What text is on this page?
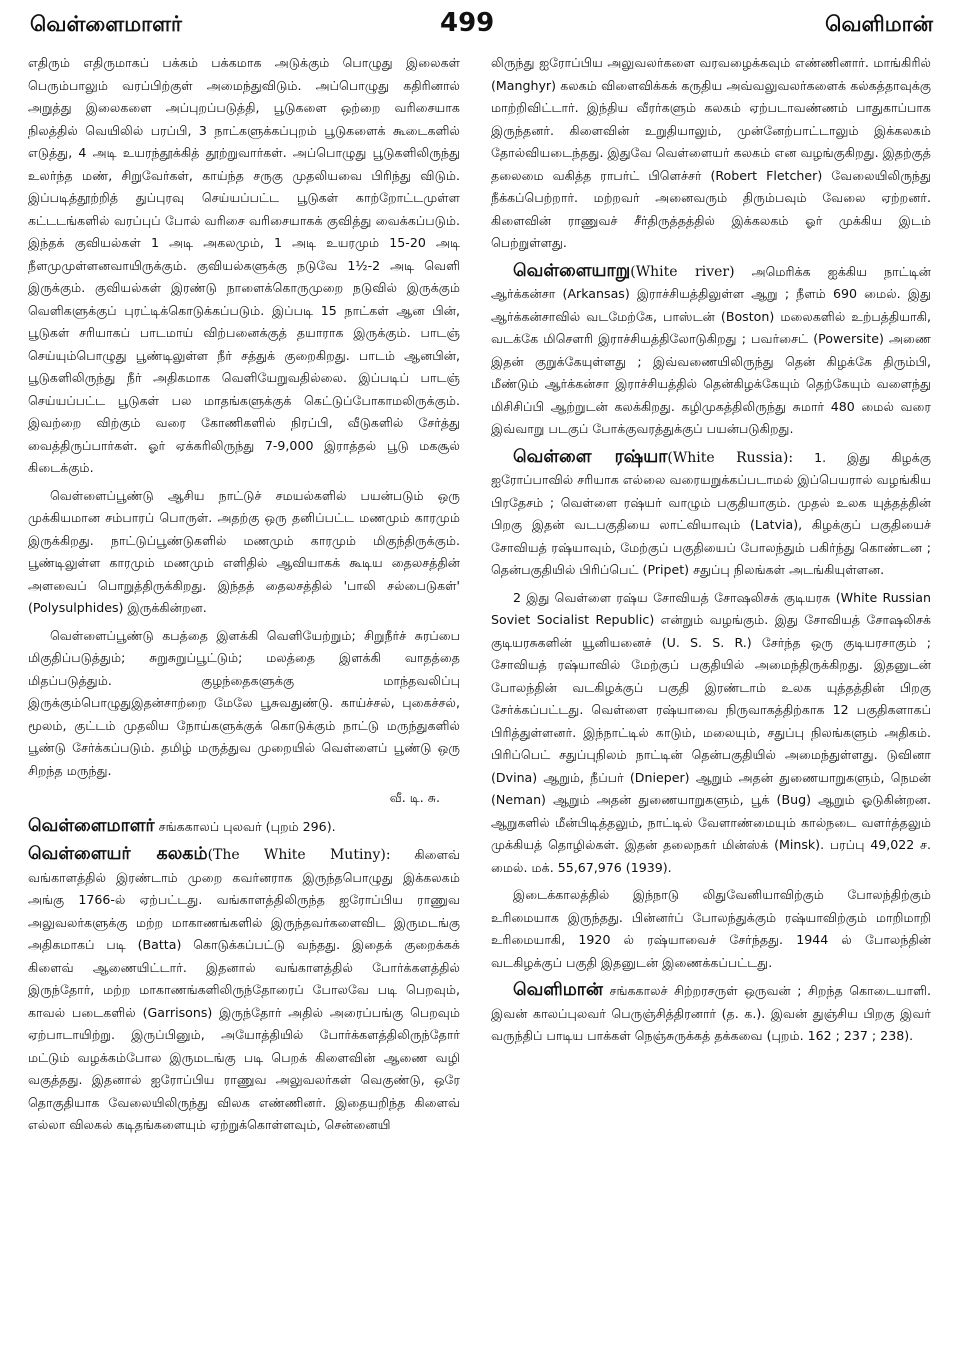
வெள்ளைமாளர்	499	வெளிமான்

எதிரும் எதிருமாகப் பக்கம் பக்கமாக அடுக்கும் பொழுது இலைகள் பெரும்பாலும் வரப்பிற்குள் அமைந்துவிடும். அப்பொழுது கதிரினால் அறுத்து இலைகளை அப்புறப்படுத்தி, பூடுகளை ஒற்றை வரிசையாக நிலத்தில் வெயிலில் பரப்பி, 3 நாட்களுக்கப்புறம் பூடுகளைக் கூடைகளில் எடுத்து, 4 அடி உயரந்தூக்கித் தூற்றுவார்கள். அப்பொழுது பூடுகளிலிருந்து உலர்ந்த மண், சிறுவேர்கள், காய்ந்த சருகு முதலியவை பிரிந்து விடும். இப்படித்தூற்றித் துப்புரவு செய்யப்பட்ட பூடுகள் காற்றோட்டமுள்ள கட்டடங்களில் வரப்புப் போல் வரிசை வரிசையாகக் குவித்து வைக்கப்படும். இந்தக் குவியல்கள் 1 அடி அகலமும், 1 அடி உயரமும் 15-20 அடி நீளமுமுள்ளனவாயிருக்கும். குவியல்களுக்கு நடுவே 1½-2 அடி வெளி இருக்கும். குவியல்கள் இரண்டு நாளைக்கொருமுறை நடுவில் இருக்கும் வெளிகளுக்குப் புரட்டிக்கொடுக்கப்படும். இப்படி 15 நாட்கள் ஆன பின், பூடுகள் சரியாகப் பாடமாய் விற்பனைக்குத் தயாராக இருக்கும். பாடஞ் செய்யும்பொழுது பூண்டிலுள்ள நீர் சத்துக் குறைகிறது. பாடம் ஆனபின், பூடுகளிலிருந்து நீர் அதிகமாக வெளியேறுவதில்லை. இப்படிப் பாடஞ் செய்யப்பட்ட பூடுகள் பல மாதங்களுக்குக் கெட்டுப்போகாமலிருக்கும். இவற்றை விற்கும் வரை கோணிகளில் நிரப்பி, வீடுகளில் சேர்த்து வைத்திருப்பார்கள். ஓர் ஏக்கரிலிருந்து 7-9,000 இராத்தல் பூடு மகசூல் கிடைக்கும்.

வெள்ளைப்பூண்டு ஆசிய நாட்டுச் சமயல்களில் பயன்படும் ஒரு முக்கியமான சம்பாரப் பொருள். அதற்கு ஒரு தனிப்பட்ட மணமும் காரமும் இருக்கிறது. நாட்டுப்பூண்டுகளில் மணமும் காரமும் மிகுந்திருக்கும். பூண்டிலுள்ள காரமும் மணமும் எளிதில் ஆவியாகக் கூடிய தைலசத்தின் அளவைப் பொறுத்திருக்கிறது. இந்தத் தைலசத்தில் 'பாலி சல்பைடுகள்' (Polysulphides) இருக்கின்றன.

வெள்ளைப்பூண்டு கபத்தை இளக்கி வெளியேற்றும்; சிறுநீர்ச் சுரப்பை மிகுதிப்படுத்தும்; சுறுசுறுப்பூட்டும்; மலத்தை இளக்கி வாதத்தை மிதப்படுத்தும். குழந்தைகளுக்கு மாந்தவலிப்பு இருக்கும்பொழுதுஇதன்சாற்றை மேலே பூசுவதுண்டு. காய்ச்சல், புகைச்சல், மூலம், குட்டம் முதலிய நோய்களுக்குக் கொடுக்கும் நாட்டு மருந்துகளில் பூண்டு சேர்க்கப்படும். தமிழ் மருத்துவ முறையில் வெள்ளைப் பூண்டு ஒரு சிறந்த மருந்து.

வீ. டி. சு.

வெள்ளைமாளர் சங்ககாலப் புலவர் (புறம் 296).

வெள்ளையர் கலகம்(The White Mutiny): கிளைவ் வங்காளத்தில் இரண்டாம் முறை கவர்னராக இருந்தபொழுது இக்கலகம் அங்கு 1766-ல் ஏற்பட்டது. வங்காளத்திலிருந்த ஐரோப்பிய ராணுவ அலுவலர்களுக்கு மற்ற மாகாணங்களில் இருந்தவர்களைவிட இருமடங்கு அதிகமாகப் படி (Batta) கொடுக்கப்பட்டு வந்தது. இதைக் குறைக்கக் கிளைவ் ஆணையிட்டார். இதனால் வங்காளத்தில் போர்க்களத்தில் இருந்தோர், மற்ற மாகாணங்களிலிருந்தோரைப் போலவே படி பெறவும், காவல் படைகளில் (Garrisons) இருந்தோர் அதில் அரைப்பங்கு பெறவும் ஏற்பாடாயிற்று. இருப்பினும், அயோத்தியில் போர்க்களத்திலிருந்தோர் மட்டும் வழக்கம்போல இருமடங்கு படி பெறக் கிளைவின் ஆணை வழி வகுத்தது. இதனால் ஐரோப்பிய ராணுவ அலுவலர்கள் வெகுண்டு, ஒரே தொகுதியாக வேலையிலிருந்து விலக எண்ணினர். இதையறிந்த கிளைவ் எல்லா விலகல் கடிதங்களையும் ஏற்றுக்கொள்ளவும், சென்னையி

லிருந்து ஐரோப்பிய அலுவலர்களை வரவழைக்கவும் எண்ணினார். மாங்கிரில் (Manghyr) கலகம் விளைவிக்கக் கருதிய அவ்வலுவலர்களைக் கல்கத்தாவுக்கு மாற்றிவிட்டார். இந்திய வீரர்களும் கலகம் ஏற்படாவண்ணம் பாதுகாப்பாக இருந்தனர். கிளைவின் உறுதியாலும், முன்னேற்பாட்டாலும் இக்கலகம் தோல்வியடைந்தது. இதுவே வெள்ளையர் கலகம் என வழங்குகிறது. இதற்குத் தலைமை வகித்த ராபர்ட் பிளெச்சர் (Robert Fletcher) வேலையிலிருந்து நீக்கப்பெற்றார். மற்றவர் அனைவரும் திரும்பவும் வேலை ஏற்றனர். கிளைவின் ராணுவச் சீர்திருத்தத்தில் இக்கலகம் ஓர் முக்கிய இடம் பெற்றுள்ளது.

வெள்ளையாறு(White river) அமெரிக்க ஐக்கிய நாட்டின் ஆர்க்கன்சா (Arkansas) இராச்சியத்திலுள்ள ஆறு ; நீளம் 690 மைல். இது ஆர்க்கன்சாவில் வடமேற்கே, பாஸ்டன் (Boston) மலைகளில் உற்பத்தியாகி, வடக்கே மிசௌரி இராச்சியத்திலோடுகிறது ; பவர்சைட் (Powersite) அணை இதன் குறுக்கேயுள்ளது ; இவ்வணையிலிருந்து தென் கிழக்கே திரும்பி, மீண்டும் ஆர்க்கன்சா இராச்சியத்தில் தென்கிழக்கேயும் தெற்கேயும் வளைந்து மிசிசிப்பி ஆற்றுடன் கலக்கிறது. கழிமுகத்திலிருந்து சுமார் 480 மைல் வரை இவ்வாறு படகுப் போக்குவரத்துக்குப் பயன்படுகிறது.

வெள்ளை ரஷ்யா(White Russia): 1. இது கிழக்கு ஐரோப்பாவில் சரியாக எல்லை வரையறுக்கப்படாமல் இப்பெயரால் வழங்கிய பிரதேசம் ; வெள்ளை ரஷ்யர் வாழும் பகுதியாகும். முதல் உலக யுத்தத்தின் பிறகு இதன் வடபகுதியை லாட்வியாவும் (Latvia), கிழக்குப் பகுதியைச் சோவியத் ரஷ்யாவும், மேற்குப் பகுதியைப் போலந்தும் பகிர்ந்து கொண்டன ; தென்பகுதியில் பிரிப்பெட் (Pripet) சதுப்பு நிலங்கள் அடங்கியுள்ளன.

2 இது வெள்ளை ரஷ்ய சோவியத் சோஷலிசக் குடியரசு (White Russian Soviet Socialist Republic) என்றும் வழங்கும். இது சோவியத் சோஷலிசக் குடியரசுகளின் யூனியனைச் (U. S. S. R.) சேர்ந்த ஒரு குடியரசாகும் ; சோவியத் ரஷ்யாவில் மேற்குப் பகுதியில் அமைந்திருக்கிறது. இதனுடன் போலந்தின் வடகிழக்குப் பகுதி இரண்டாம் உலக யுத்தத்தின் பிறகு சேர்க்கப்பட்டது. வெள்ளை ரஷ்யாவை நிருவாகத்திற்காக 12 பகுதிகளாகப் பிரித்துள்ளனர். இந்நாட்டில் காடும், மலையும், சதுப்பு நிலங்களும் அதிகம். பிரிப்பெட் சதுப்புநிலம் நாட்டின் தென்பகுதியில் அமைந்துள்ளது. டுவினா (Dvina) ஆறும், நீப்பர் (Dnieper) ஆறும் அதன் துணையாறுகளும், நெமன் (Neman) ஆறும் அதன் துணையாறுகளும், பூக் (Bug) ஆறும் ஓடுகின்றன. ஆறுகளில் மீன்பிடித்தலும், நாட்டில் வேளாண்மையும் கால்நடை வளர்த்தலும் முக்கியத் தொழில்கள். இதன் தலைநகர் மின்ஸ்க் (Minsk). பரப்பு 49,022 ச. மைல். மக். 55,67,976 (1939).

இடைக்காலத்தில் இந்நாடு லிதுவேனியாவிற்கும் போலந்திற்கும் உரிமையாக இருந்தது. பின்னர்ப் போலந்துக்கும் ரஷ்யாவிற்கும் மாறிமாறி உரிமையாகி, 1920 ல் ரஷ்யாவைச் சேர்ந்தது. 1944 ல் போலந்தின் வடகிழக்குப் பகுதி இதனுடன் இணைக்கப்பட்டது.

வெளிமான் சங்ககாலச் சிற்றரசருள் ஒருவன் ; சிறந்த கொடையாளி. இவன் காலப்புலவர் பெருஞ்சித்திரனார் (த. க.). இவன் துஞ்சிய பிறகு இவர் வருந்திப் பாடிய பாக்கள் நெஞ்சுருக்கத் தக்கவை (புறம். 162 ; 237 ; 238).
